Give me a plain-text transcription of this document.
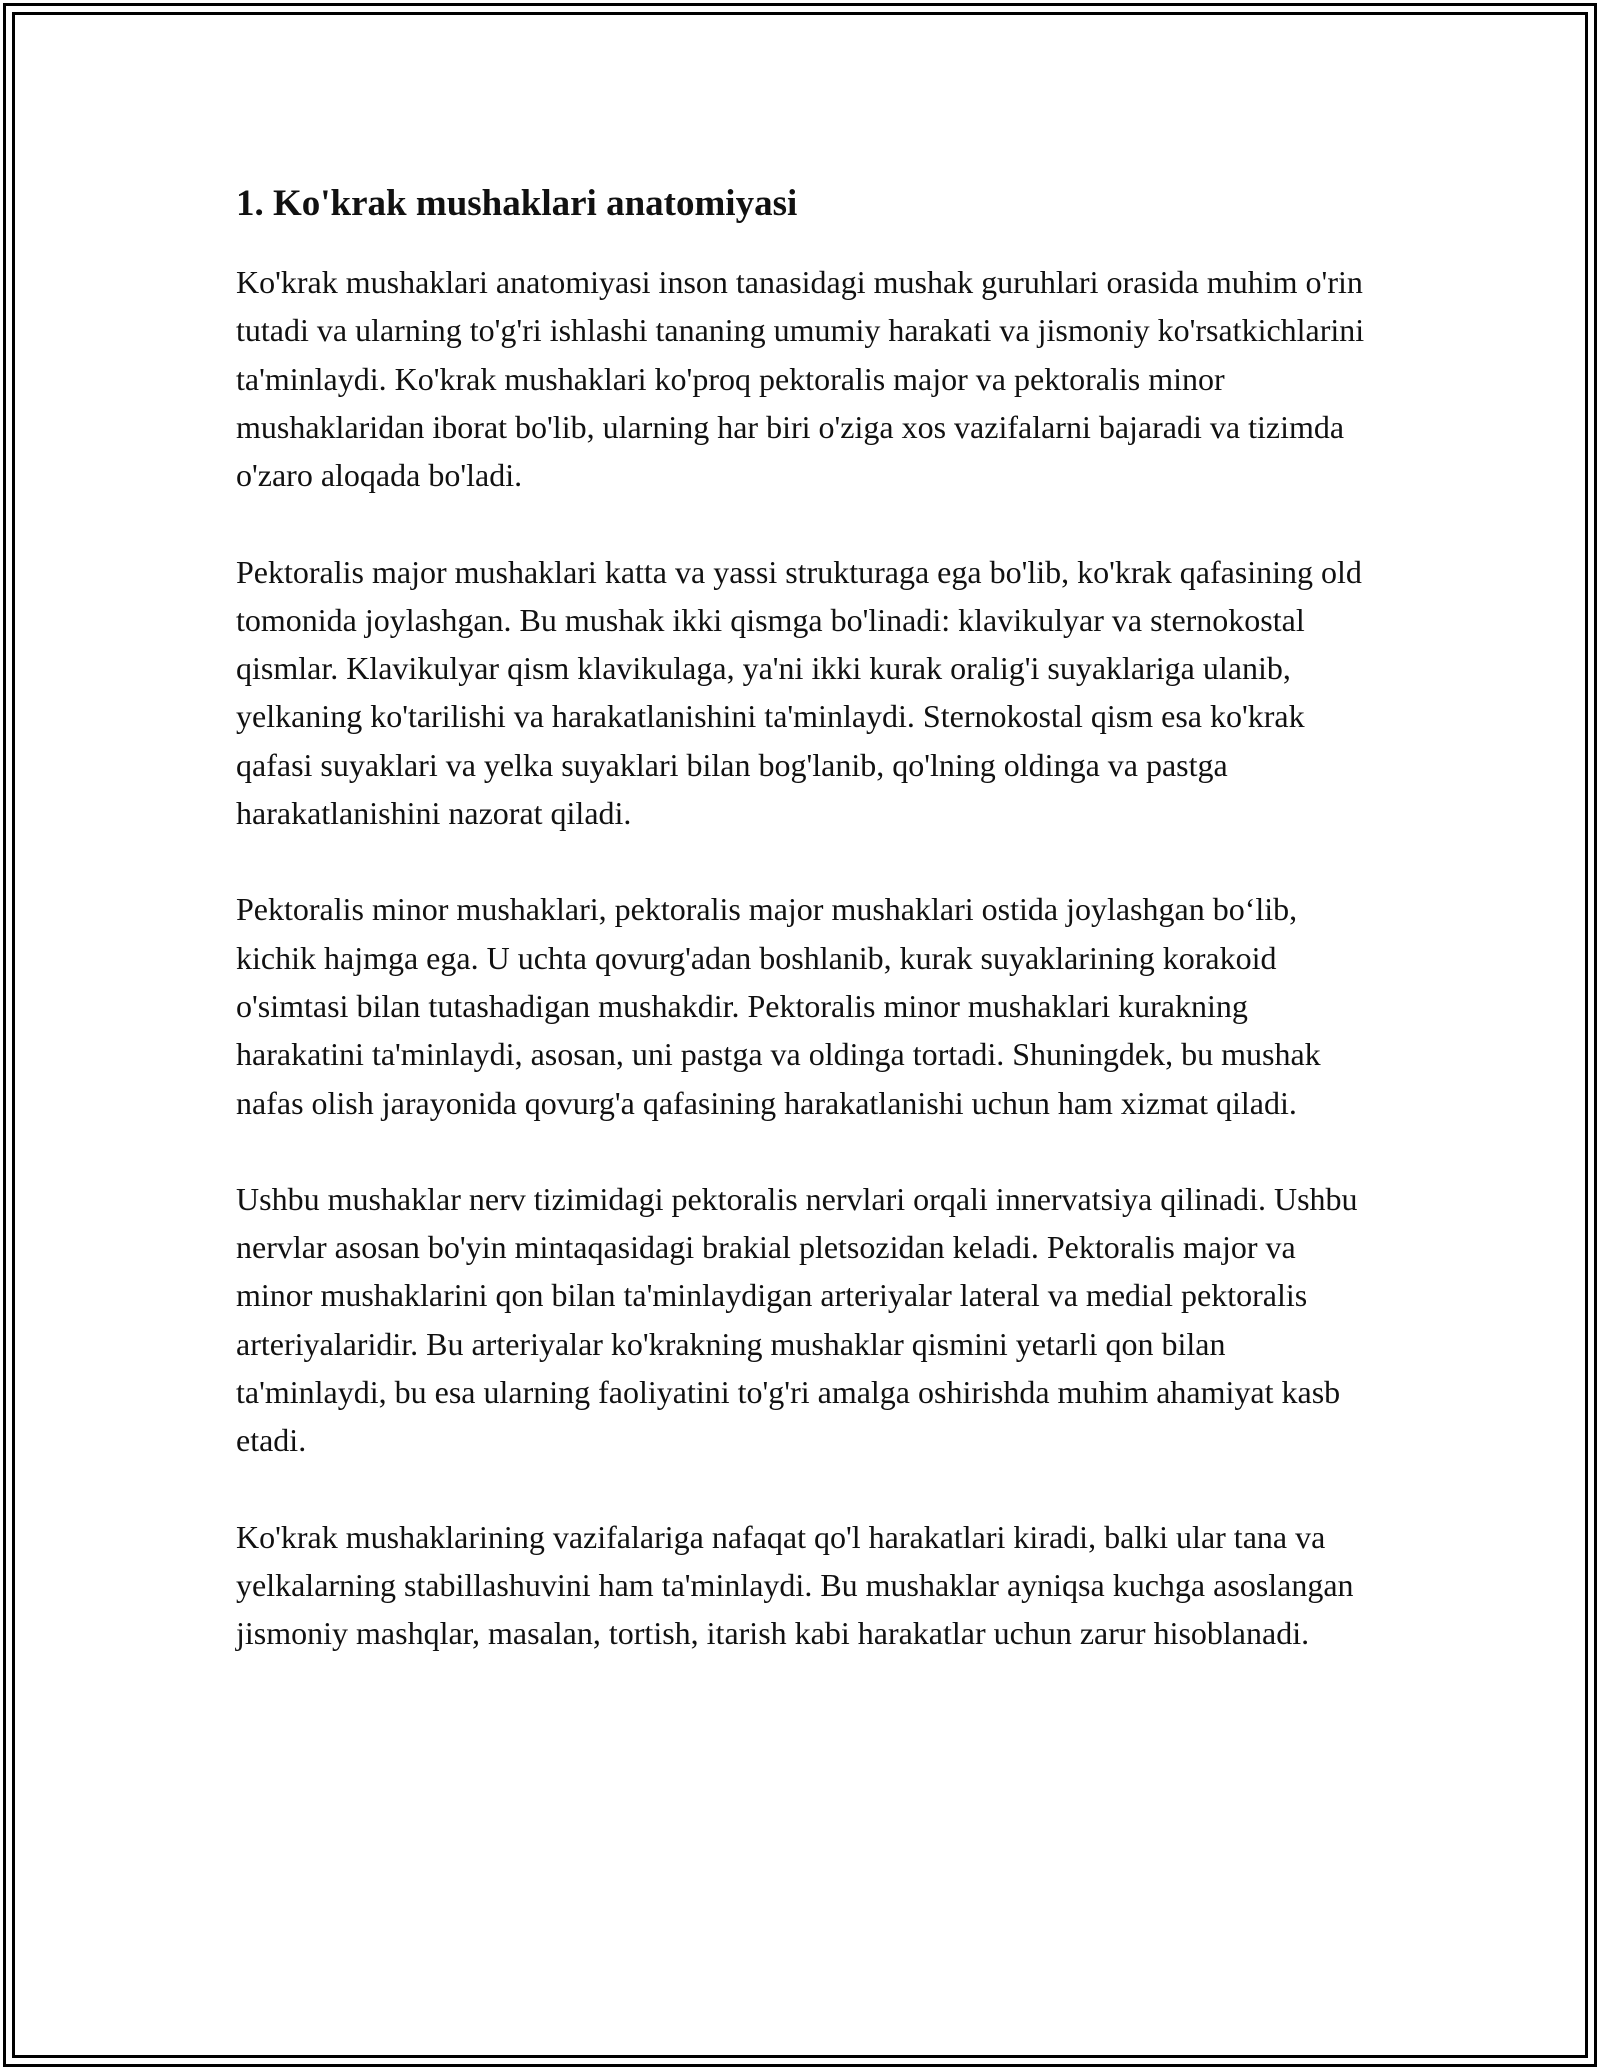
1. Ko'krak mushaklari anatomiyasi

Ko'krak mushaklari anatomiyasi inson tanasidagi mushak guruhlari orasida muhim o'rin tutadi va ularning to'g'ri ishlashi tananing umumiy harakati va jismoniy ko'rsatkichlarini ta'minlaydi. Ko'krak mushaklari ko'proq pektoralis major va pektoralis minor mushaklaridan iborat bo'lib, ularning har biri o'ziga xos vazifalarni bajaradi va tizimda o'zaro aloqada bo'ladi.

Pektoralis major mushaklari katta va yassi strukturaga ega bo'lib, ko'krak qafasining old tomonida joylashgan. Bu mushak ikki qismga bo'linadi: klavikulyar va sternokostal qismlar. Klavikulyar qism klavikulaga, ya'ni ikki kurak oralig'i suyaklariga ulanib, yelkaning ko'tarilishi va harakatlanishini ta'minlaydi. Sternokostal qism esa ko'krak qafasi suyaklari va yelka suyaklari bilan bog'lanib, qo'lning oldinga va pastga harakatlanishini nazorat qiladi.

Pektoralis minor mushaklari, pektoralis major mushaklari ostida joylashgan bo‘lib, kichik hajmga ega. U uchta qovurg'adan boshlanib, kurak suyaklarining korakoid o'simtasi bilan tutashadigan mushakdir. Pektoralis minor mushaklari kurakning harakatini ta'minlaydi, asosan, uni pastga va oldinga tortadi. Shuningdek, bu mushak nafas olish jarayonida qovurg'a qafasining harakatlanishi uchun ham xizmat qiladi.

Ushbu mushaklar nerv tizimidagi pektoralis nervlari orqali innervatsiya qilinadi. Ushbu nervlar asosan bo'yin mintaqasidagi brakial pletsozidan keladi. Pektoralis major va minor mushaklarini qon bilan ta'minlaydigan arteriyalar lateral va medial pektoralis arteriyalaridir. Bu arteriyalar ko'krakning mushaklar qismini yetarli qon bilan ta'minlaydi, bu esa ularning faoliyatini to'g'ri amalga oshirishda muhim ahamiyat kasb etadi.

Ko'krak mushaklarining vazifalariga nafaqat qo'l harakatlari kiradi, balki ular tana va yelkalarning stabillashuvini ham ta'minlaydi. Bu mushaklar ayniqsa kuchga asoslangan jismoniy mashqlar, masalan, tortish, itarish kabi harakatlar uchun zarur hisoblanadi.
